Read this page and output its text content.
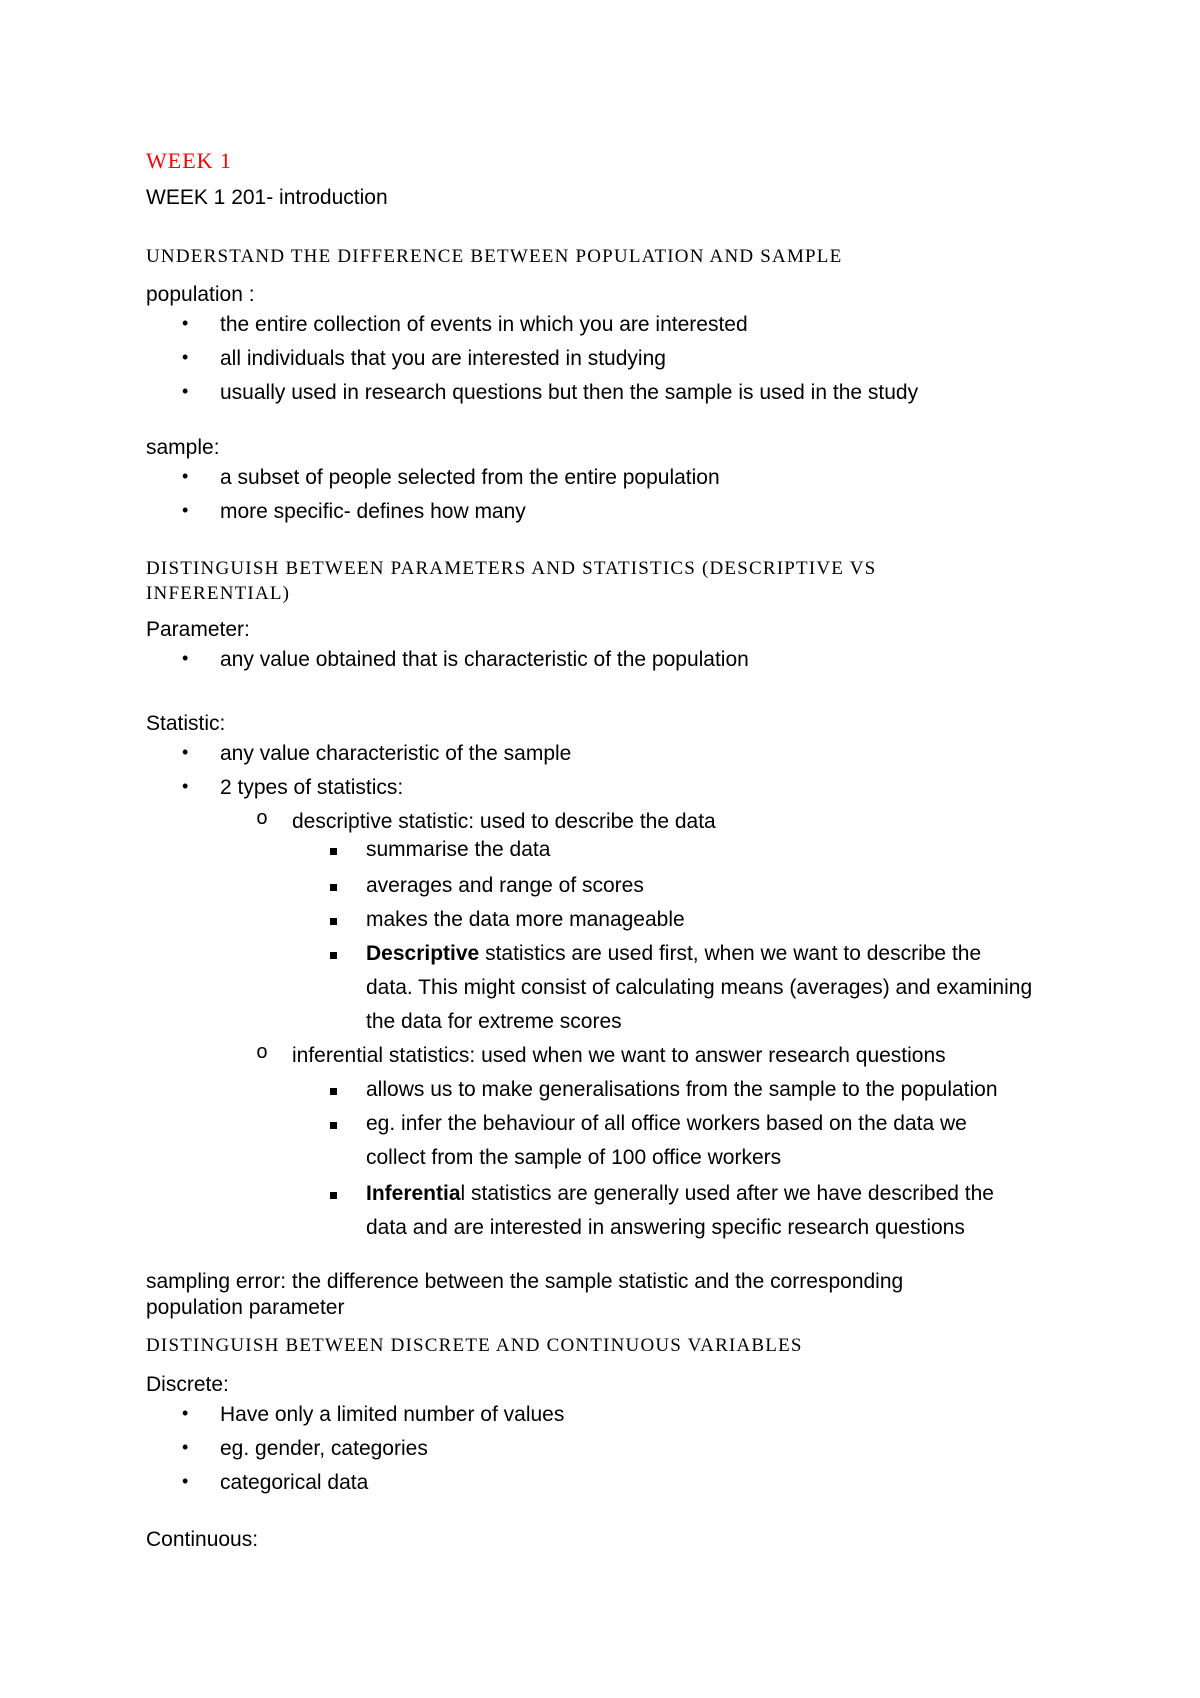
WEEK 1
WEEK 1 201- introduction
UNDERSTAND THE DIFFERENCE BETWEEN POPULATION AND SAMPLE
population :
• the entire collection of events in which you are interested
• all individuals that you are interested in studying
• usually used in research questions but then the sample is used in the study
sample:
• a subset of people selected from the entire population
• more specific- defines how many
DISTINGUISH BETWEEN PARAMETERS AND STATISTICS (DESCRIPTIVE VS
INFERENTIAL)
Parameter:
• any value obtained that is characteristic of the population
Statistic:
• any value characteristic of the sample
• 2 types of statistics:
o descriptive statistic: used to describe the data
summarise the data
averages and range of scores
makes the data more manageable
Descriptive statistics are used first, when we want to describe the
data. This might consist of calculating means (averages) and examining
the data for extreme scores
o inferential statistics: used when we want to answer research questions
allows us to make generalisations from the sample to the population
eg. infer the behaviour of all office workers based on the data we
collect from the sample of 100 office workers
Inferential statistics are generally used after we have described the
data and are interested in answering specific research questions
sampling error: the difference between the sample statistic and the corresponding
population parameter
DISTINGUISH BETWEEN DISCRETE AND CONTINUOUS VARIABLES
Discrete:
• Have only a limited number of values
• eg. gender, categories
• categorical data
Continuous:
